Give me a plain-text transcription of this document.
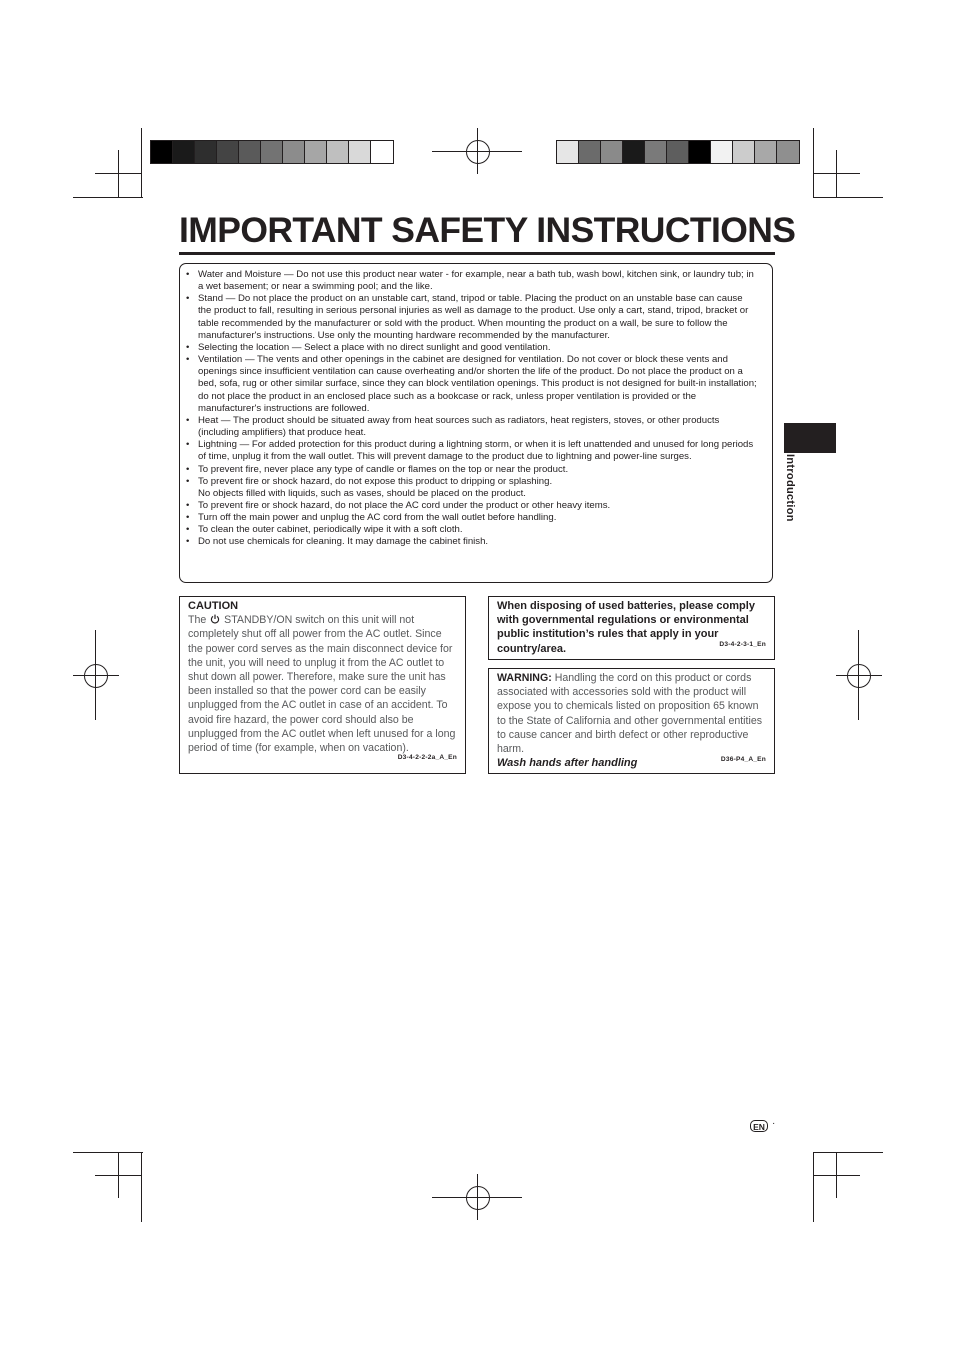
IMPORTANT SAFETY INSTRUCTIONS
• Water and Moisture — Do not use this product near water - for example, near a bath tub, wash bowl, kitchen sink, or laundry tub; in a wet basement; or near a swimming pool; and the like.
• Stand — Do not place the product on an unstable cart, stand, tripod or table. Placing the product on an unstable base can cause the product to fall, resulting in serious personal injuries as well as damage to the product. Use only a cart, stand, tripod, bracket or table recommended by the manufacturer or sold with the product. When mounting the product on a wall, be sure to follow the manufacturer's instructions. Use only the mounting hardware recommended by the manufacturer.
• Selecting the location — Select a place with no direct sunlight and good ventilation.
• Ventilation — The vents and other openings in the cabinet are designed for ventilation. Do not cover or block these vents and openings since insufficient ventilation can cause overheating and/or shorten the life of the product. Do not place the product on a bed, sofa, rug or other similar surface, since they can block ventilation openings. This product is not designed for built-in installation; do not place the product in an enclosed place such as a bookcase or rack, unless proper ventilation is provided or the manufacturer's instructions are followed.
• Heat — The product should be situated away from heat sources such as radiators, heat registers, stoves, or other products (including amplifiers) that produce heat.
• Lightning — For added protection for this product during a lightning storm, or when it is left unattended and unused for long periods of time, unplug it from the wall outlet. This will prevent damage to the product due to lightning and power-line surges.
• To prevent fire, never place any type of candle or flames on the top or near the product.
• To prevent fire or shock hazard, do not expose this product to dripping or splashing.
No objects filled with liquids, such as vases, should be placed on the product.
• To prevent fire or shock hazard, do not place the AC cord under the product or other heavy items.
• Turn off the main power and unplug the AC cord from the wall outlet before handling.
• To clean the outer cabinet, periodically wipe it with a soft cloth.
• Do not use chemicals for cleaning. It may damage the cabinet finish.
CAUTION
The STANDBY/ON switch on this unit will not completely shut off all power from the AC outlet. Since the power cord serves as the main disconnect device for the unit, you will need to unplug it from the AC outlet to shut down all power. Therefore, make sure the unit has been installed so that the power cord can be easily unplugged from the AC outlet in case of an accident. To avoid fire hazard, the power cord should also be unplugged from the AC outlet when left unused for a long period of time (for example, when on vacation).
D3-4-2-2-2a_A_En
When disposing of used batteries, please comply with governmental regulations or environmental public institution’s rules that apply in your country/area.	D3-4-2-3-1_En
WARNING: Handling the cord on this product or cords associated with accessories sold with the product will expose you to chemicals listed on proposition 65 known to the State of California and other governmental entities to cause cancer and birth defect or other reproductive harm.
Wash hands after handling	D36-P4_A_En
Introduction
EN ·
